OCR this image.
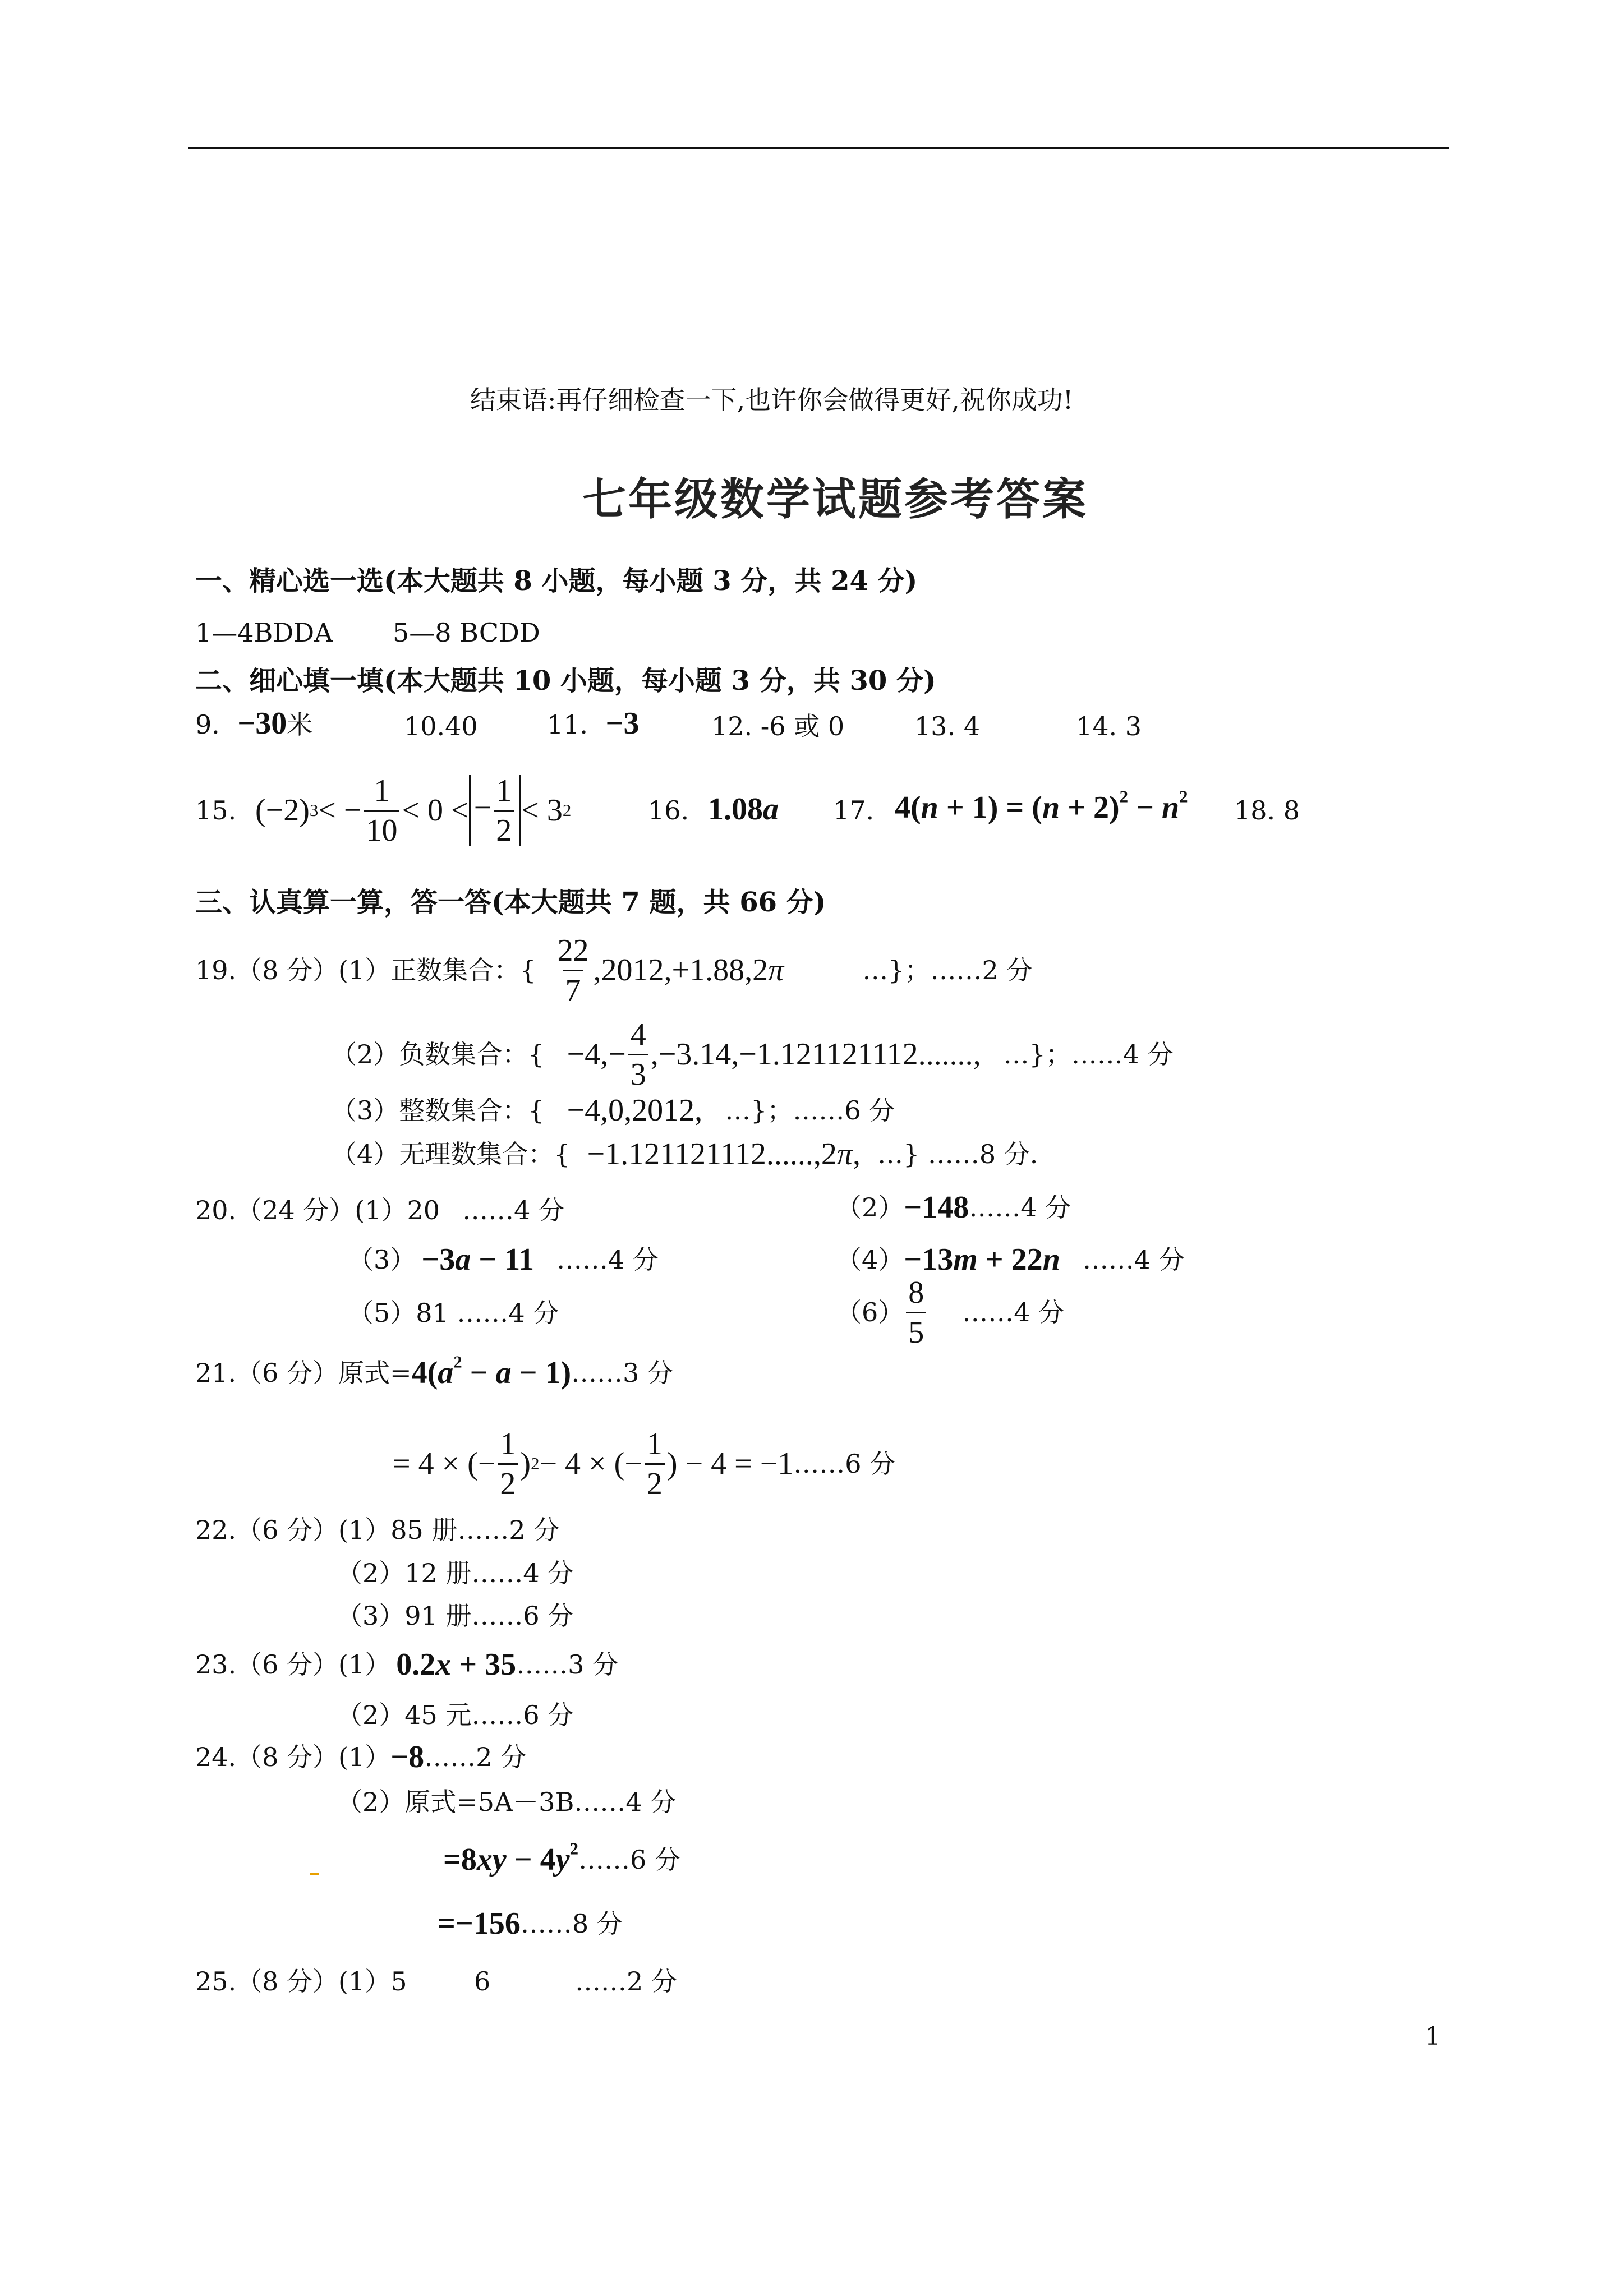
结束语:再仔细检查一下,也许你会做得更好,祝你成功!
七年级数学试题参考答案
一、精心选一选(本大题共 8 小题，每小题 3 分，共 24 分)
1—4BDDA 5—8 BCDD
二、细心填一填(本大题共 10 小题，每小题 3 分，共 30 分)
9．−30米	10.40	11．−3	12. -6 或 0	13. 4	14. 3
15. (−2) 3 < − $\frac{1}{10} < 0$ < − $\frac{1}{2} < 3$ 2	16. 1.08a 17. $4(n + 1) = (n + 2)^2 - n^2$ 18. 8
三、认真算一算，答一答(本大题共 7 题，共 66 分)
19.（8 分）(1）正数集合：{ $\frac{22}{7} ,2012,+1.88,2$ π	…}；……2 分
（2）负数集合：{ $-4,- \frac{4}{3} ,-3.14,-1.121121112$......., …}；……4 分
（3）整数集合：{ −4,0,2012, …}；……6 分
（4）无理数集合：{ −1.121121112......,2π, …} ……8 分.
20.（24 分）(1）20 ……4 分	（2） −148 ……4 分
（3） −3a − 11 ……4 分	（4） −13m + 22n ……4 分
（5）81 ……4 分	$(6) \frac{8}{5}$ ……4 分
21.（6 分）原式= $4(a^2 - a - 1)$ ……3 分
= 4 × (− $\frac{1}{2}$ ) 2 − 4 × (− $\frac{1}{2}$ ) − 4 = −1 ……6 分
22.（6 分）(1）85 册……2 分
（2）12 册……4 分
（3）91 册……6 分
23.（6 分）(1） 0.2x + 35 ……3 分
（2）45 元……6 分
24.（8 分）(1） −8 ……2 分
（2）原式=5A－3B……4 分
$=8xy - 4y^2$ ……6 分
=−156 ……8 分
25.（8 分）(1）5	6	……2 分
1
